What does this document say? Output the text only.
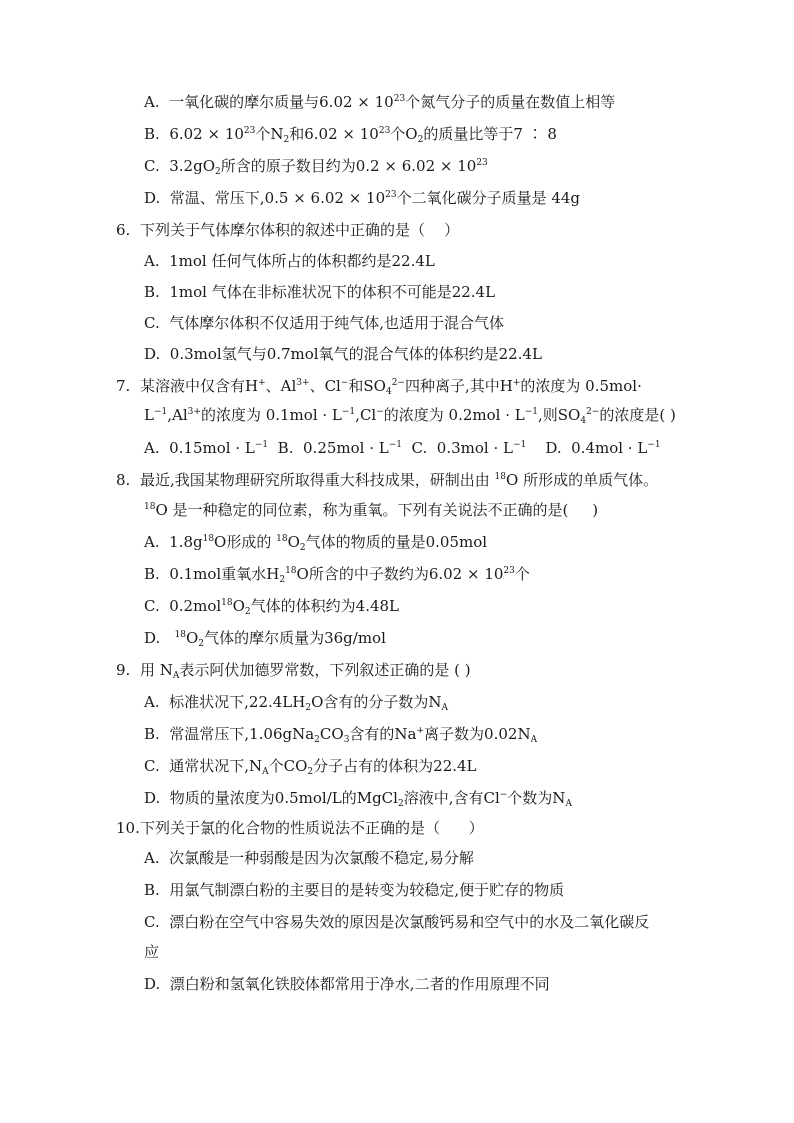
A.  一氧化碳的摩尔质量与$6.02 \times 10^{23}$个氮气分子的质量在数值上相等
B.  $6.02 \times 10^{23}$个$N_2$和$6.02 \times 10^{23}$个$O_2$的质量比等于7 ∶ 8
C.  $3.2gO_2$所含的原子数目约为$0.2 \times 6.02 \times 10^{23}$
D.  常温、常压下$,0.5 \times 6.02 \times 10^{23}$个二氧化碳分子质量是 44g
6. 下列关于气体摩尔体积的叙述中正确的是（    ）
A.  1mol 任何气体所占的体积都约是22.4L
B.  1mol 气体在非标准状况下的体积不可能是22.4L
C.  气体摩尔体积不仅适用于纯气体,也适用于混合气体
D.  0.3mol氢气与0.7mol氧气的混合气体的体积约是22.4L
7. 某溶液中仅含有H+、$Al^{3+}$、Cl−和$SO_4^{2-}$四种离子,其中H+的浓度为 0.5mol·
$L^{-1},Al^{3+}$的浓度为 $0.1mol \cdot L^{-1},Cl^-$的浓度为 $0.2mol \cdot L^{-1}$,则$SO_4^{2-}$的浓度是( )
A.  $0.15mol \cdot L^{-1}$  B.  $0.25mol \cdot L^{-1}$  C.  $0.3mol \cdot L^{-1}$    D.  $0.4mol \cdot L^{-1}$
8. 最近,我国某物理研究所取得重大科技成果，研制出由 $^{18}$O 所形成的单质气体。
$^{18}$O 是一种稳定的同位素，称为重氧。下列有关说法不正确的是(     )
A.  $1.8g^{18}O$形成的 $^{18}O_2$气体的物质的量是0.05mol
B.  0.1mol重氧水$H_2^{18}O$所含的中子数约为$6.02 \times 10^{23}$个
C.  $0.2mol^{18}O_2$气体的体积约为4.48L
D.   $^{18}O_2$气体的摩尔质量为36g/mol
9. 用 $N_A$表示阿伏加德罗常数，下列叙述正确的是 ( )
A.  标准状况下$,22.4LH_2O$含有的分子数为$N_A$
B.  常温常压下$,1.06gNa_2CO_3$含有的Na+离子数为$0.02N_A$
C.  通常状况下$,N_A$个$CO_2$分子占有的体积为22.4L
D.  物质的量浓度为0.5mol/L的MgCl$_2$溶液中,含有Cl−个数为$N_A$
10.下列关于氯的化合物的性质说法不正确的是（      ）
A.  次氯酸是一种弱酸是因为次氯酸不稳定,易分解
B.  用氯气制漂白粉的主要目的是转变为较稳定,便于贮存的物质
C.  漂白粉在空气中容易失效的原因是次氯酸钙易和空气中的水及二氧化碳反
应
D.  漂白粉和氢氧化铁胶体都常用于净水,二者的作用原理不同
